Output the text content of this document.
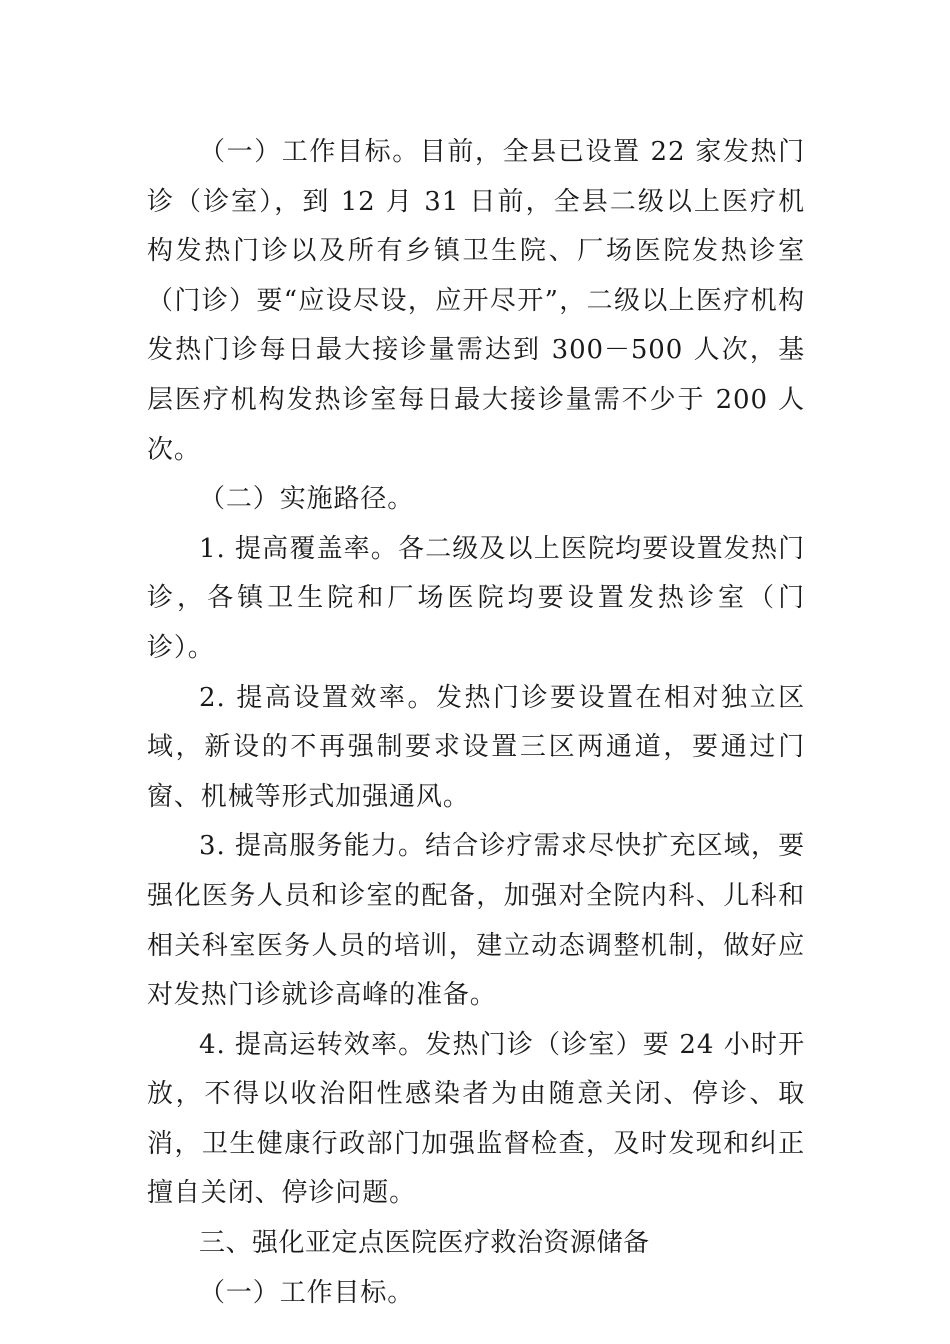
（一）工作目标。目前，全县已设置 22 家发热门诊（诊室），到 12 月 31 日前，全县二级以上医疗机构发热门诊以及所有乡镇卫生院、厂场医院发热诊室（门诊）要“应设尽设，应开尽开”，二级以上医疗机构发热门诊每日最大接诊量需达到 300－500 人次，基层医疗机构发热诊室每日最大接诊量需不少于 200 人次。

（二）实施路径。

1. 提高覆盖率。各二级及以上医院均要设置发热门诊，各镇卫生院和厂场医院均要设置发热诊室（门诊）。

2. 提高设置效率。发热门诊要设置在相对独立区域，新设的不再强制要求设置三区两通道，要通过门窗、机械等形式加强通风。

3. 提高服务能力。结合诊疗需求尽快扩充区域，要强化医务人员和诊室的配备，加强对全院内科、儿科和相关科室医务人员的培训，建立动态调整机制，做好应对发热门诊就诊高峰的准备。

4. 提高运转效率。发热门诊（诊室）要 24 小时开放，不得以收治阳性感染者为由随意关闭、停诊、取消，卫生健康行政部门加强监督检查，及时发现和纠正擅自关闭、停诊问题。

三、强化亚定点医院医疗救治资源储备

（一）工作目标。
